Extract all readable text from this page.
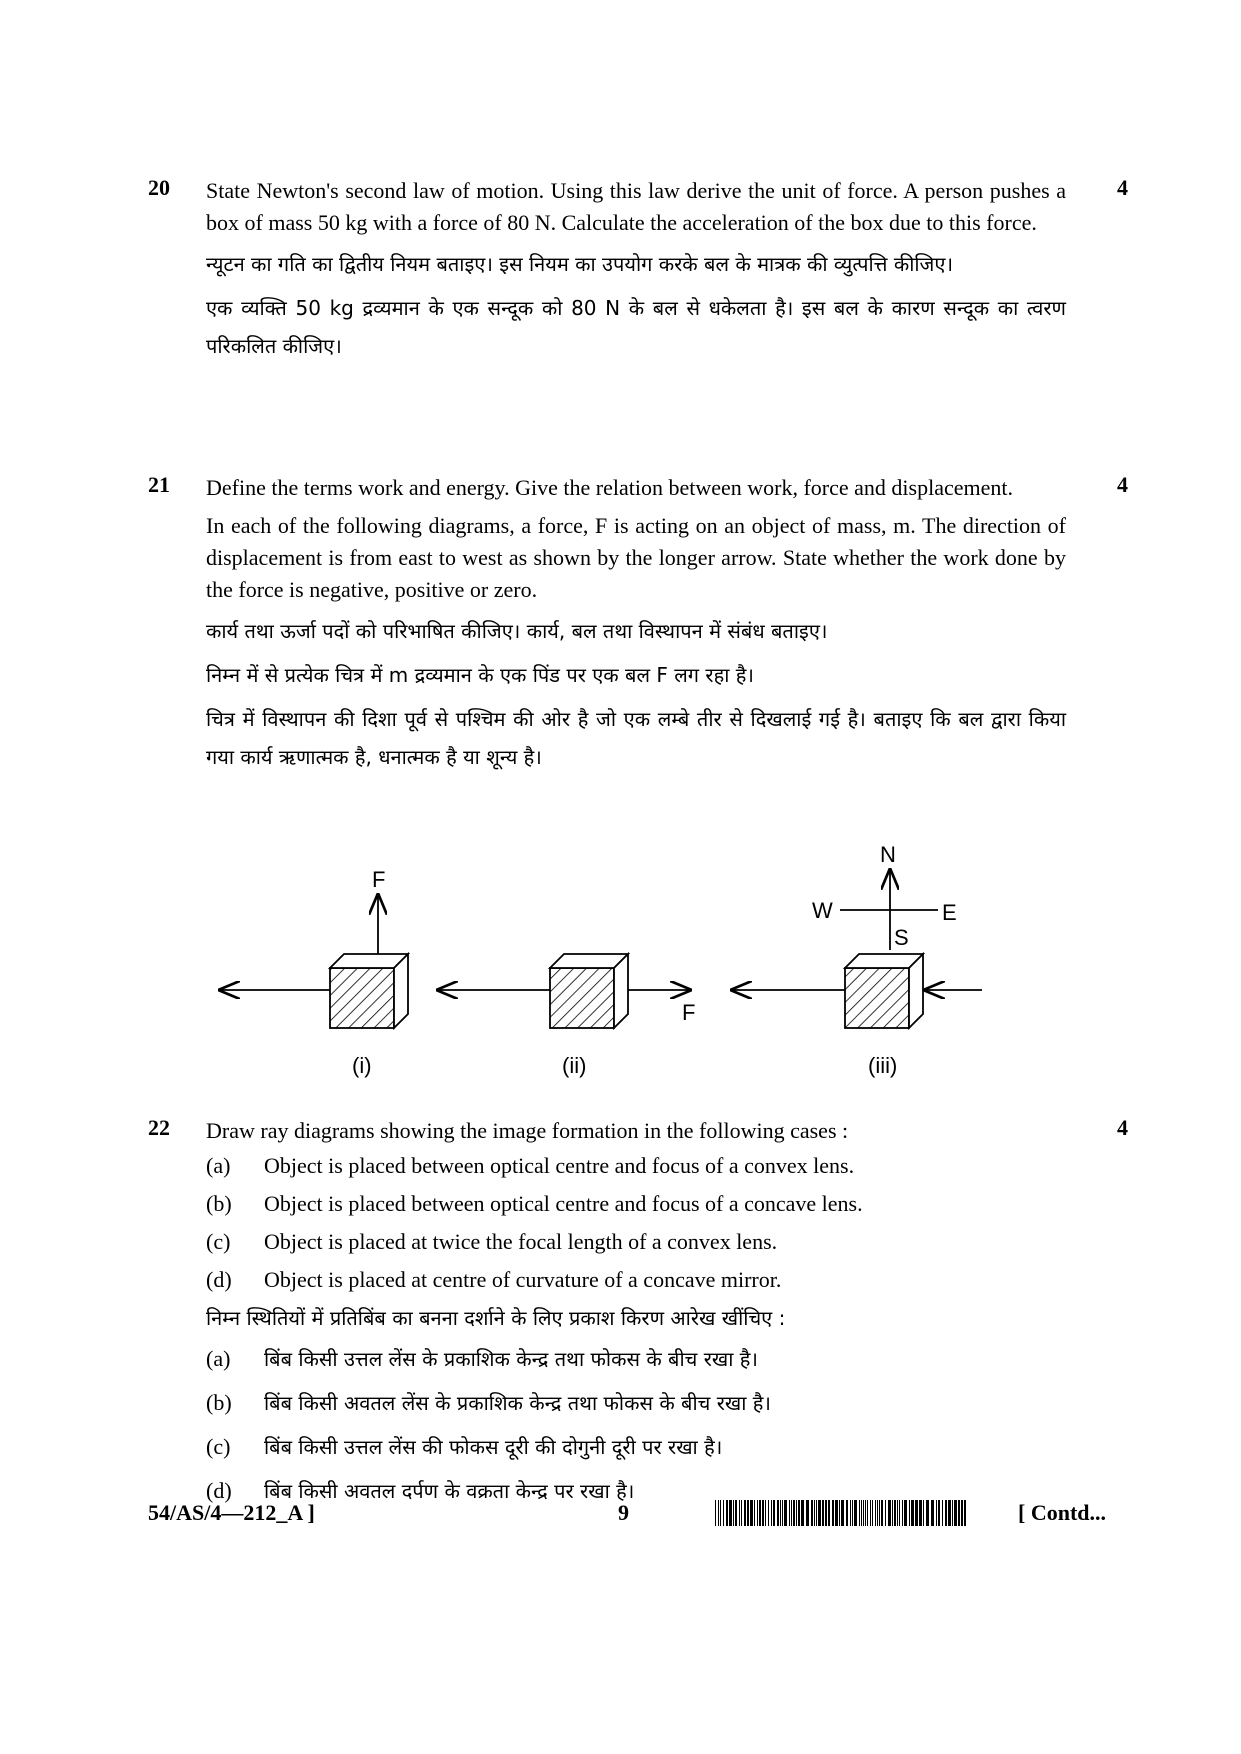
20	4

State Newton's second law of motion. Using this law derive the unit of force. A person pushes a box of mass 50 kg with a force of 80 N. Calculate the acceleration of the box due to this force.

न्यूटन का गति का द्वितीय नियम बताइए। इस नियम का उपयोग करके बल के मात्रक की व्युत्पत्ति कीजिए।

एक व्यक्ति 50 kg द्रव्यमान के एक सन्दूक को 80 N के बल से धकेलता है। इस बल के कारण सन्दूक का त्वरण परिकलित कीजिए।

21	4

Define the terms work and energy. Give the relation between work, force and displacement.

In each of the following diagrams, a force, F is acting on an object of mass, m. The direction of displacement is from east to west as shown by the longer arrow. State whether the work done by the force is negative, positive or zero.

कार्य तथा ऊर्जा पदों को परिभाषित कीजिए। कार्य, बल तथा विस्थापन में संबंध बताइए।

निम्न में से प्रत्येक चित्र में m द्रव्यमान के एक पिंड पर एक बल F लग रहा है।

चित्र में विस्थापन की दिशा पूर्व से पश्चिम की ओर है जो एक लम्बे तीर से दिखलाई गई है। बताइए कि बल द्वारा किया गया कार्य ऋणात्मक है, धनात्मक है या शून्य है।

F
(i)
F
(ii)	(iii)
N
W	E
S
22	4

Draw ray diagrams showing the image formation in the following cases :

(a)	Object is placed between optical centre and focus of a convex lens.
(b)	Object is placed between optical centre and focus of a concave lens.
(c)	Object is placed at twice the focal length of a convex lens.
(d)	Object is placed at centre of curvature of a concave mirror.

निम्न स्थितियों में प्रतिबिंब का बनना दर्शाने के लिए प्रकाश किरण आरेख खींचिए :

(a)	बिंब किसी उत्तल लेंस के प्रकाशिक केन्द्र तथा फोकस के बीच रखा है।
(b)	बिंब किसी अवतल लेंस के प्रकाशिक केन्द्र तथा फोकस के बीच रखा है।
(c)	बिंब किसी उत्तल लेंस की फोकस दूरी की दोगुनी दूरी पर रखा है।
(d)	बिंब किसी अवतल दर्पण के वक्रता केन्द्र पर रखा है।
54/AS/4—212_A ]	9	[ Contd...
